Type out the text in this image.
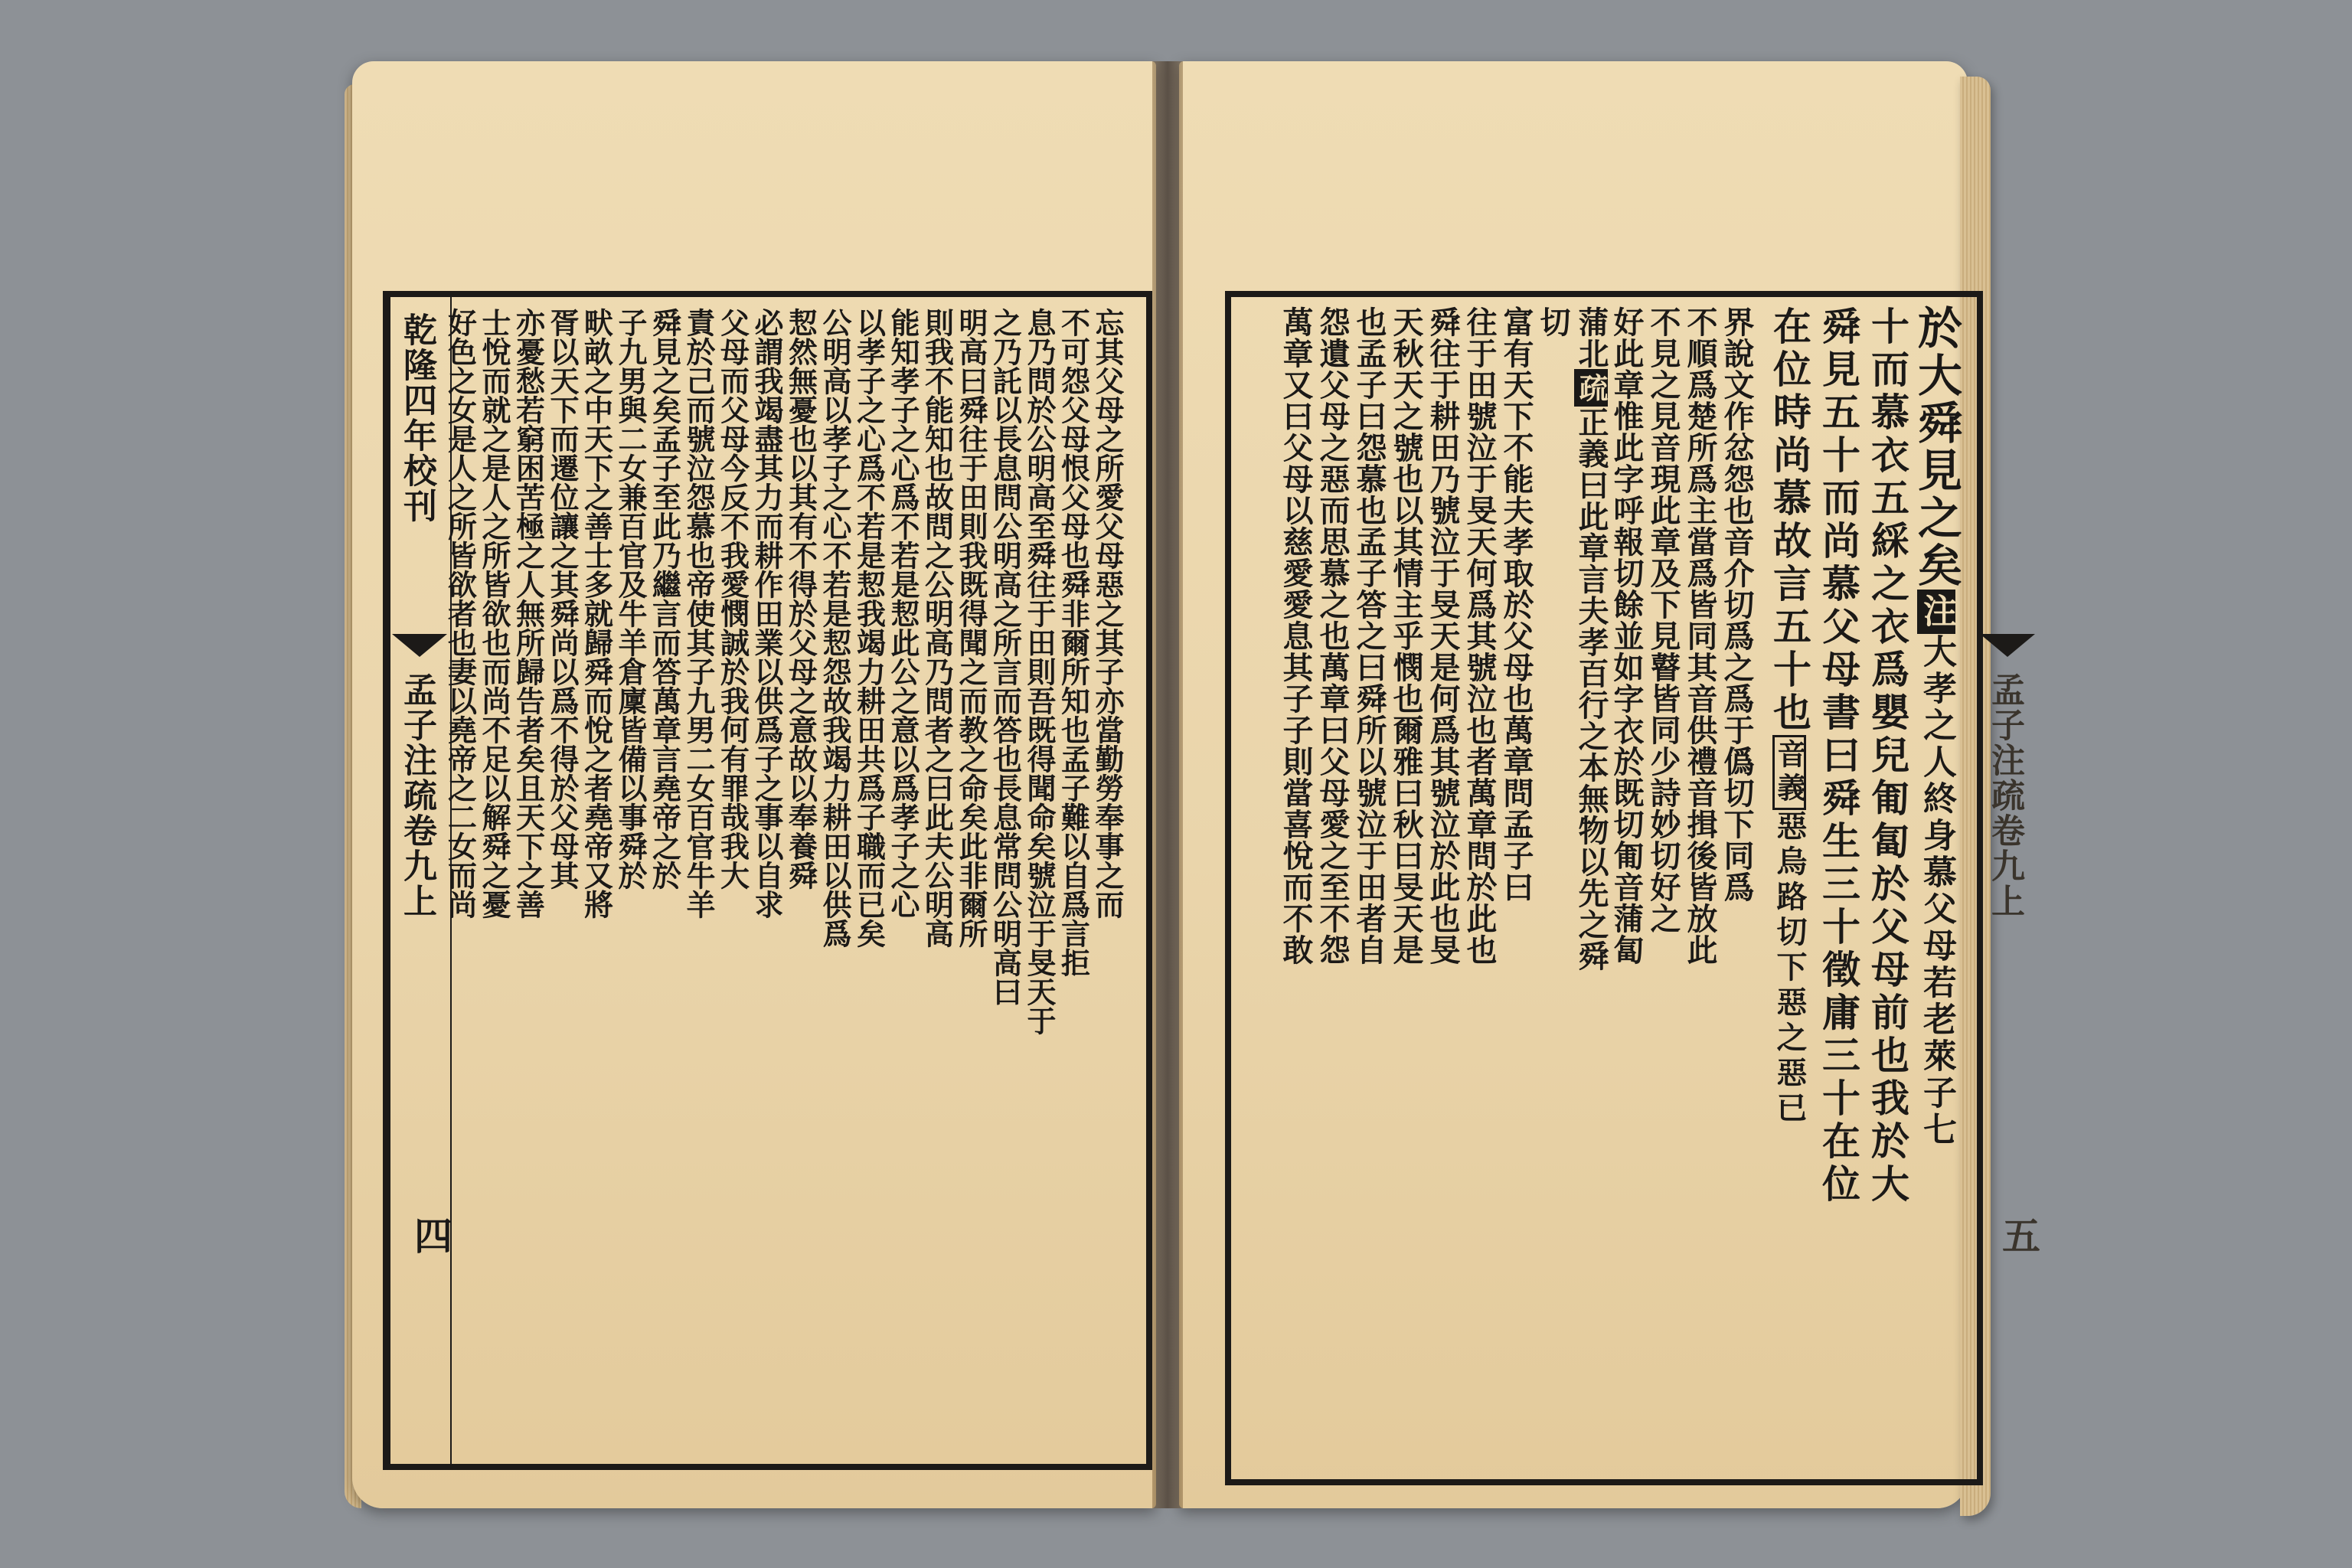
乾隆四年校刊
孟子注疏卷九上
四
忘其父母之所愛父母惡之其子亦當勤勞奉事之而
不可怨父母恨父母也舜非爾所知也孟子難以自爲言拒
息乃問於公明高至舜往于田則吾既得聞命矣號泣于旻天于
之乃託以長息問公明高之所言而答也長息常問公明高曰
明高曰舜往于田則我既得聞之而教之命矣此非爾所
則我不能知也故問之公明高乃問者之曰此夫公明高
能知孝子之心爲不若是恝此公之意以爲孝子之心
以孝子之心爲不若是恝我竭力耕田共爲子職而已矣
公明高以孝子之心不若是恝怨故我竭力耕田以供爲
恝然無憂也以其有不得於父母之意故以奉養舜
必謂我竭盡其力而耕作田業以供爲子之事以自求
父母而父母今反不我愛憫誠於我何有罪哉我大
責於己而號泣怨慕也帝使其子九男二女百官牛羊
舜見之矣孟子至此乃繼言而答萬章言堯帝之於
子九男與二女兼百官及牛羊倉廩皆備以事舜於
畎畝之中天下之善士多就歸舜而悅之者堯帝又將
胥以天下而遷位讓之其舜尚以爲不得於父母其
亦憂愁若窮困苦極之人無所歸告者矣且天下之善
士悅而就之是人之所皆欲也而尚不足以解舜之憂
好色之女是人之所皆欲者也妻以堯帝之二女而尚	於大舜見之矣注大孝之人終身慕父母若老萊子七
十而慕衣五綵之衣爲嬰兒匍匐於父母前也我於大
舜見五十而尚慕父母書曰舜生三十徵庸三十在位
在位時尚慕故言五十也音義惡烏路切下惡之惡已
界說文作忿怨也音介切爲之爲于僞切下同爲
不順爲楚所爲主當爲皆同其音供禮音揖後皆放此
不見之見音現此章及下見瞽皆同少詩妙切好之
好此章惟此字呼報切餘並如字衣於既切匍音蒲匐
蒲北疏正義曰此章言夫孝百行之本無物以先之舜
切
富有天下不能夫孝取於父母也萬章問孟子曰
往于田號泣于旻天何爲其號泣也者萬章問於此也
舜往于耕田乃號泣于旻天是何爲其號泣於此也旻
天秋天之號也以其情主乎憫也爾雅曰秋曰旻天是
也孟子曰怨慕也孟子答之曰舜所以號泣于田者自
怨遺父母之惡而思慕之也萬章曰父母愛之至不怨
萬章又曰父母以慈愛愛息其子子則當喜悅而不敢	孟子注疏卷九上
五
